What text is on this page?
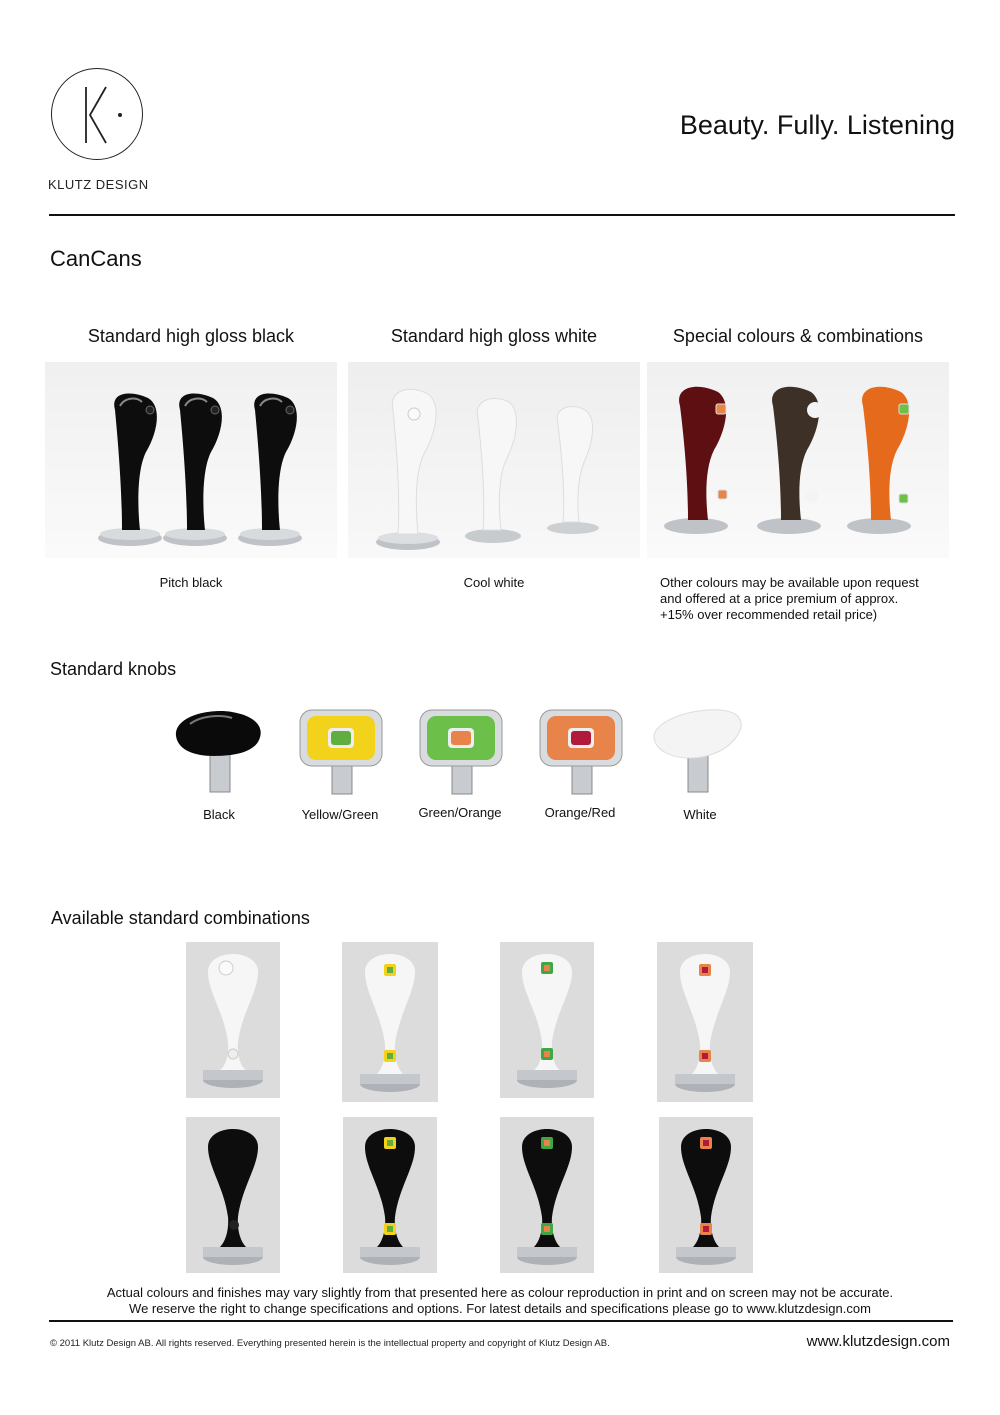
KLUTZ DESIGN
Beauty. Fully. Listening
CanCans
Standard high gloss black	Standard high gloss white	Special colours & combinations
Pitch black	Cool white	Other colours may be available upon request
and offered at a price premium of approx.
+15% over recommended retail price)
Standard knobs
Black	Yellow/Green	Green/Orange	Orange/Red	White
Available standard combinations
Actual colours and finishes may vary slightly from that presented here as colour reproduction in print and on screen may not be accurate.
We reserve the right to change specifications and options. For latest details and specifications please go to www.klutzdesign.com
© 2011 Klutz Design AB. All rights reserved. Everything presented herein is the intellectual property and copyright of Klutz Design AB.	www.klutzdesign.com
